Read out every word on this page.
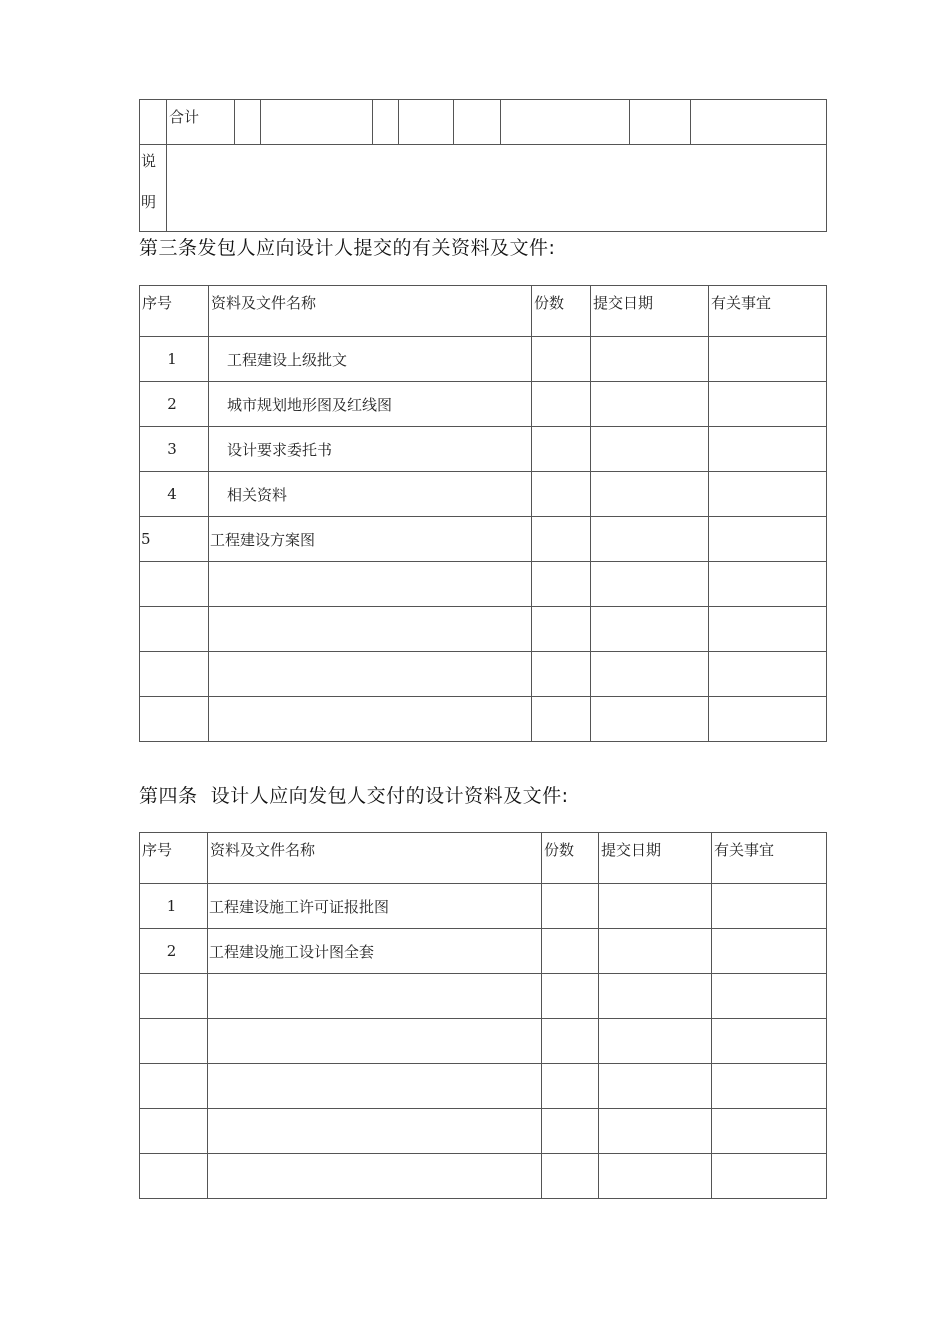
	合计								

说
明									

第三条发包人应向设计人提交的有关资料及文件:
序号	资料及文件名称	份数	提交日期	有关事宜
1	工程建设上级批文			
2	城市规划地形图及红线图			
3	设计要求委托书			
4	相关资料			
5	工程建设方案图			

第四条  设计人应向发包人交付的设计资料及文件:
序号	资料及文件名称	份数	提交日期	有关事宜
1	工程建设施工许可证报批图			
2	工程建设施工设计图全套			
